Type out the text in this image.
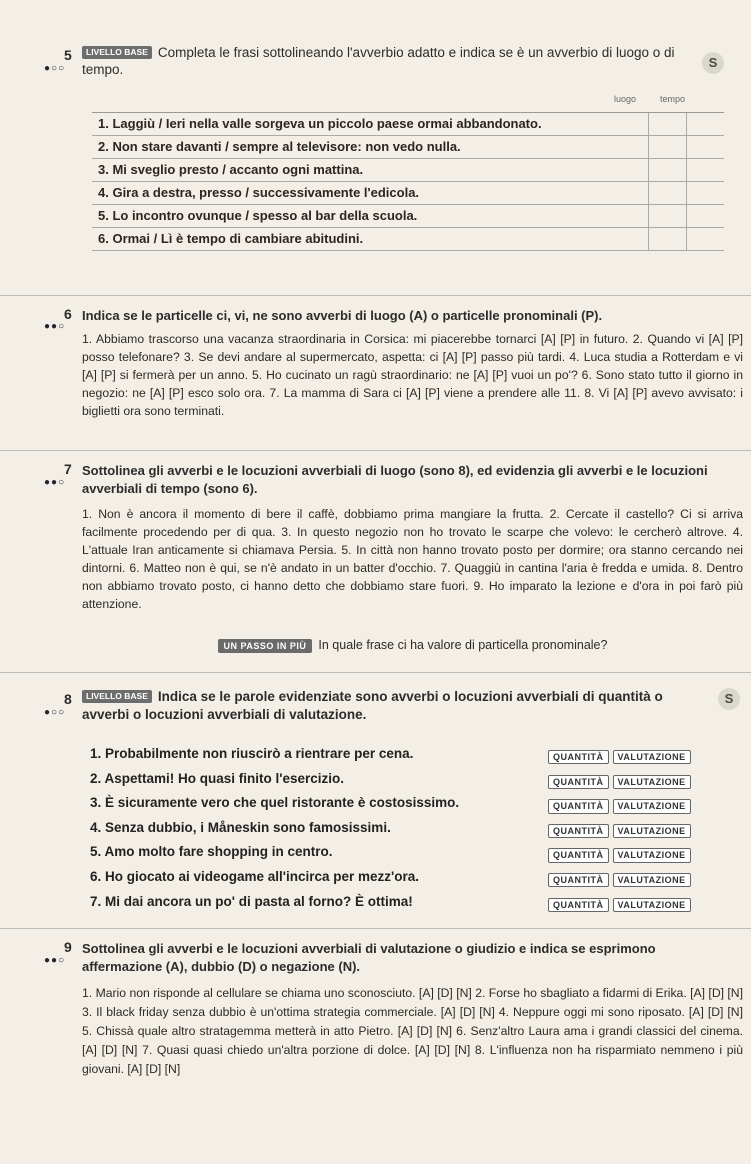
5
●○○
LIVELLO BASE Completa le frasi sottolineando l'avverbio adatto e indica se è un avverbio di luogo o di tempo.	S
luogo	tempo
1. Laggiù / Ieri nella valle sorgeva un piccolo paese ormai abbandonato.
2. Non stare davanti / sempre al televisore: non vedo nulla.
3. Mi sveglio presto / accanto ogni mattina.
4. Gira a destra, presso / successivamente l'edicola.
5. Lo incontro ovunque / spesso al bar della scuola.
6. Ormai / Lì è tempo di cambiare abitudini.
6
●●○
Indica se le particelle ci, vi, ne sono avverbi di luogo (A) o particelle pronominali (P).
1. Abbiamo trascorso una vacanza straordinaria in Corsica: mi piacerebbe tornarci [A] [P] in futuro. 2. Quando vi [A] [P] posso telefonare? 3. Se devi andare al supermercato, aspetta: ci [A] [P] passo più tardi. 4. Luca studia a Rotterdam e vi [A] [P] si fermerà per un anno. 5. Ho cucinato un ragù straordinario: ne [A] [P] vuoi un po'? 6. Sono stato tutto il giorno in negozio: ne [A] [P] esco solo ora. 7. La mamma di Sara ci [A] [P] viene a prendere alle 11. 8. Vi [A] [P] avevo avvisato: i biglietti ora sono terminati.
7
●●○
Sottolinea gli avverbi e le locuzioni avverbiali di luogo (sono 8), ed evidenzia gli avverbi e le locuzioni avverbiali di tempo (sono 6).
1. Non è ancora il momento di bere il caffè, dobbiamo prima mangiare la frutta. 2. Cercate il castello? Ci si arriva facilmente procedendo per di qua. 3. In questo negozio non ho trovato le scarpe che volevo: le cercherò altrove. 4. L'attuale Iran anticamente si chiamava Persia. 5. In città non hanno trovato posto per dormire; ora stanno cercando nei dintorni. 6. Matteo non è qui, se n'è andato in un batter d'occhio. 7. Quaggiù in cantina l'aria è fredda e umida. 8. Dentro non abbiamo trovato posto, ci hanno detto che dobbiamo stare fuori. 9. Ho imparato la lezione e d'ora in poi farò più attenzione.
UN PASSO IN PIÙ In quale frase ci ha valore di particella pronominale?
8
●○○
LIVELLO BASE Indica se le parole evidenziate sono avverbi o locuzioni avverbiali di quantità o avverbi o locuzioni avverbiali di valutazione.
S
1. Probabilmente non riuscirò a rientrare per cena.	QUANTITÀ VALUTAZIONE
2. Aspettami! Ho quasi finito l'esercizio.	QUANTITÀ VALUTAZIONE
3. È sicuramente vero che quel ristorante è costosissimo.	QUANTITÀ VALUTAZIONE
4. Senza dubbio, i Måneskin sono famosissimi.	QUANTITÀ VALUTAZIONE
5. Amo molto fare shopping in centro.	QUANTITÀ VALUTAZIONE
6. Ho giocato ai videogame all'incirca per mezz'ora.	QUANTITÀ VALUTAZIONE
7. Mi dai ancora un po' di pasta al forno? È ottima!	QUANTITÀ VALUTAZIONE
9
●●○
Sottolinea gli avverbi e le locuzioni avverbiali di valutazione o giudizio e indica se esprimono affermazione (A), dubbio (D) o negazione (N).
1. Mario non risponde al cellulare se chiama uno sconosciuto. [A] [D] [N] 2. Forse ho sbagliato a fidarmi di Erika. [A] [D] [N] 3. Il black friday senza dubbio è un'ottima strategia commerciale. [A] [D] [N] 4. Neppure oggi mi sono riposato. [A] [D] [N] 5. Chissà quale altro stratagemma metterà in atto Pietro. [A] [D] [N] 6. Senz'altro Laura ama i grandi classici del cinema. [A] [D] [N] 7. Quasi quasi chiedo un'altra porzione di dolce. [A] [D] [N] 8. L'influenza non ha risparmiato nemmeno i più giovani. [A] [D] [N]
